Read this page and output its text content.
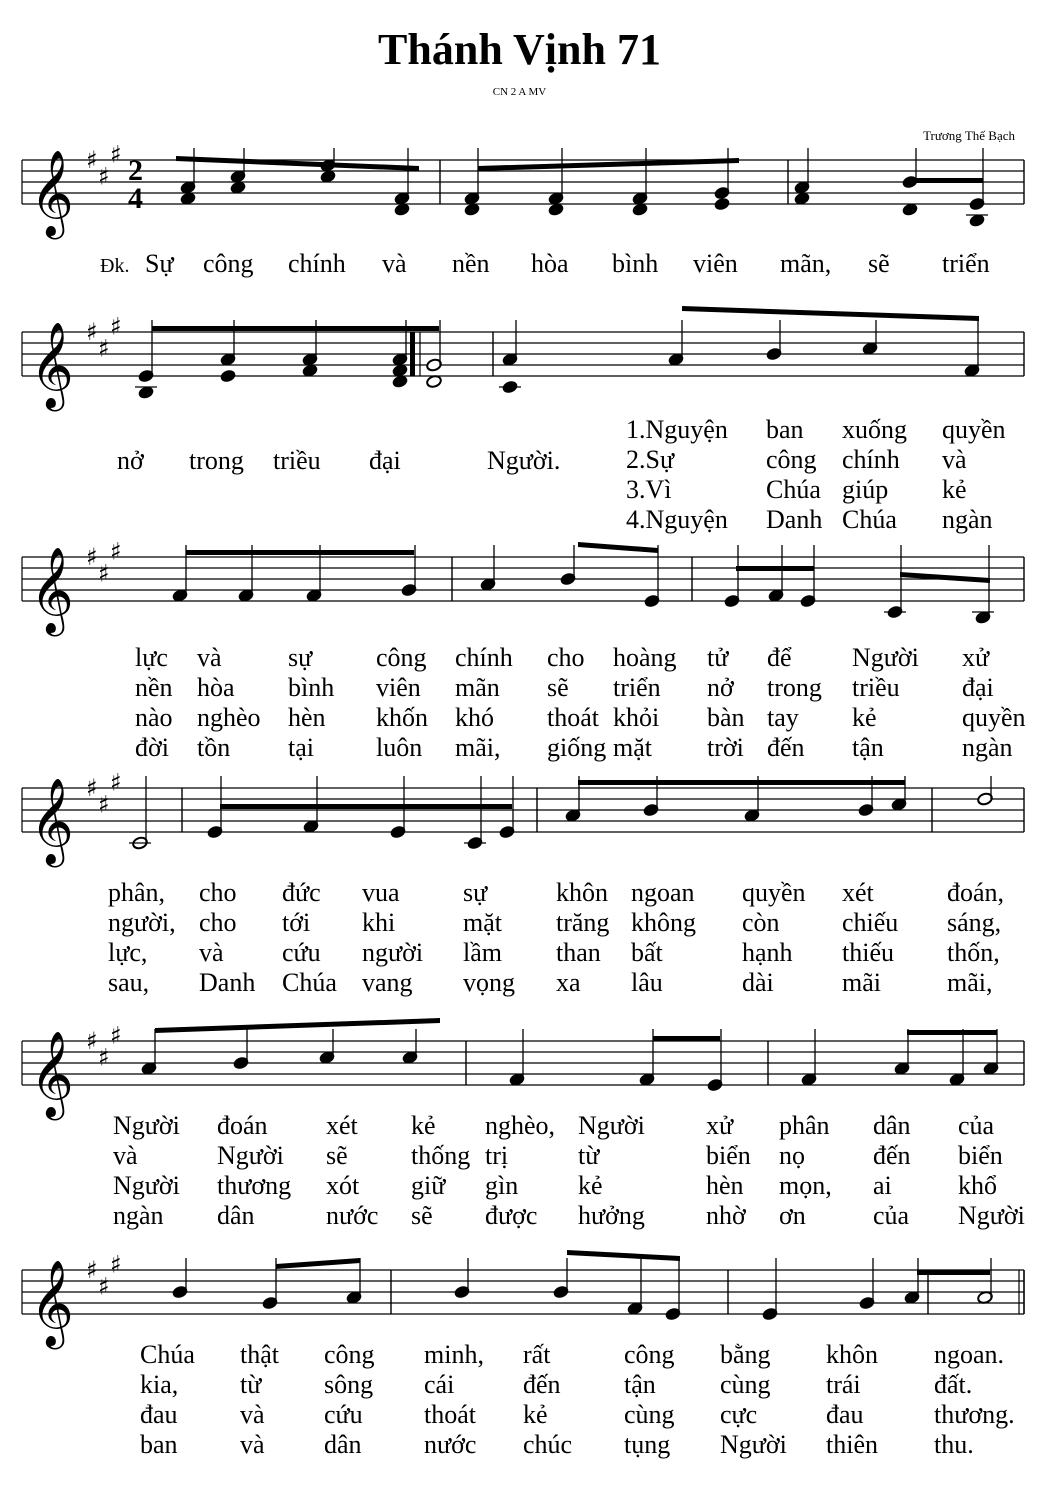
Thánh Vịnh 71
CN 2 A MV
Trương Thế Bạch
𝄞 ♯
♯
♯ 2
4
𝄞 ♯
♯
♯
𝄞 ♯
♯
♯
𝄞 ♯
♯
♯
𝄞 ♯
♯
♯
𝄞 ♯
♯
♯
Đk. Sự công chính và nền hòa bình viên mãn, sẽ triển
nở trong triều đại	Người.
1.Nguyện ban xuống quyền
2.Sự	công chính và
3.Vì	Chúa giúp kẻ
4.Nguyện Danh Chúa ngàn
lực và	sự công chính cho hoàng tử để Người xử
nền hòa bình viên mãn sẽ triển nở trong triều đại
nào nghèo hèn khốn khó thoát khỏi bàn tay kẻ	quyền
đời tồn tại luôn mãi, giống mặt trời đến tận	ngàn
phân, cho đức vua sự	khôn ngoan quyền xét	đoán,
người, cho tới khi	mặt trăng không còn chiếu sáng,
lực, và cứu người lầm than bất	hạnh thiếu thốn,
sau, Danh Chúa vang vọng xa lâu	dài	mãi	mãi,
Người đoán xét kẻ nghèo, Người xử phân dân của
và	Người sẽ thống trị	từ	biển nọ	đến biển
Người thương xót giữ gìn kẻ	hèn mọn, ai	khổ
ngàn dân	nước sẽ được hưởng nhờ ơn	của Người
Chúa thật công minh, rất	công bằng khôn ngoan.
kia, từ sông cái	đến tận cùng trái	đất.
đau và cứu thoát kẻ	cùng cực	đau	thương.
ban và dân nước chúc tụng Người thiên thu.
